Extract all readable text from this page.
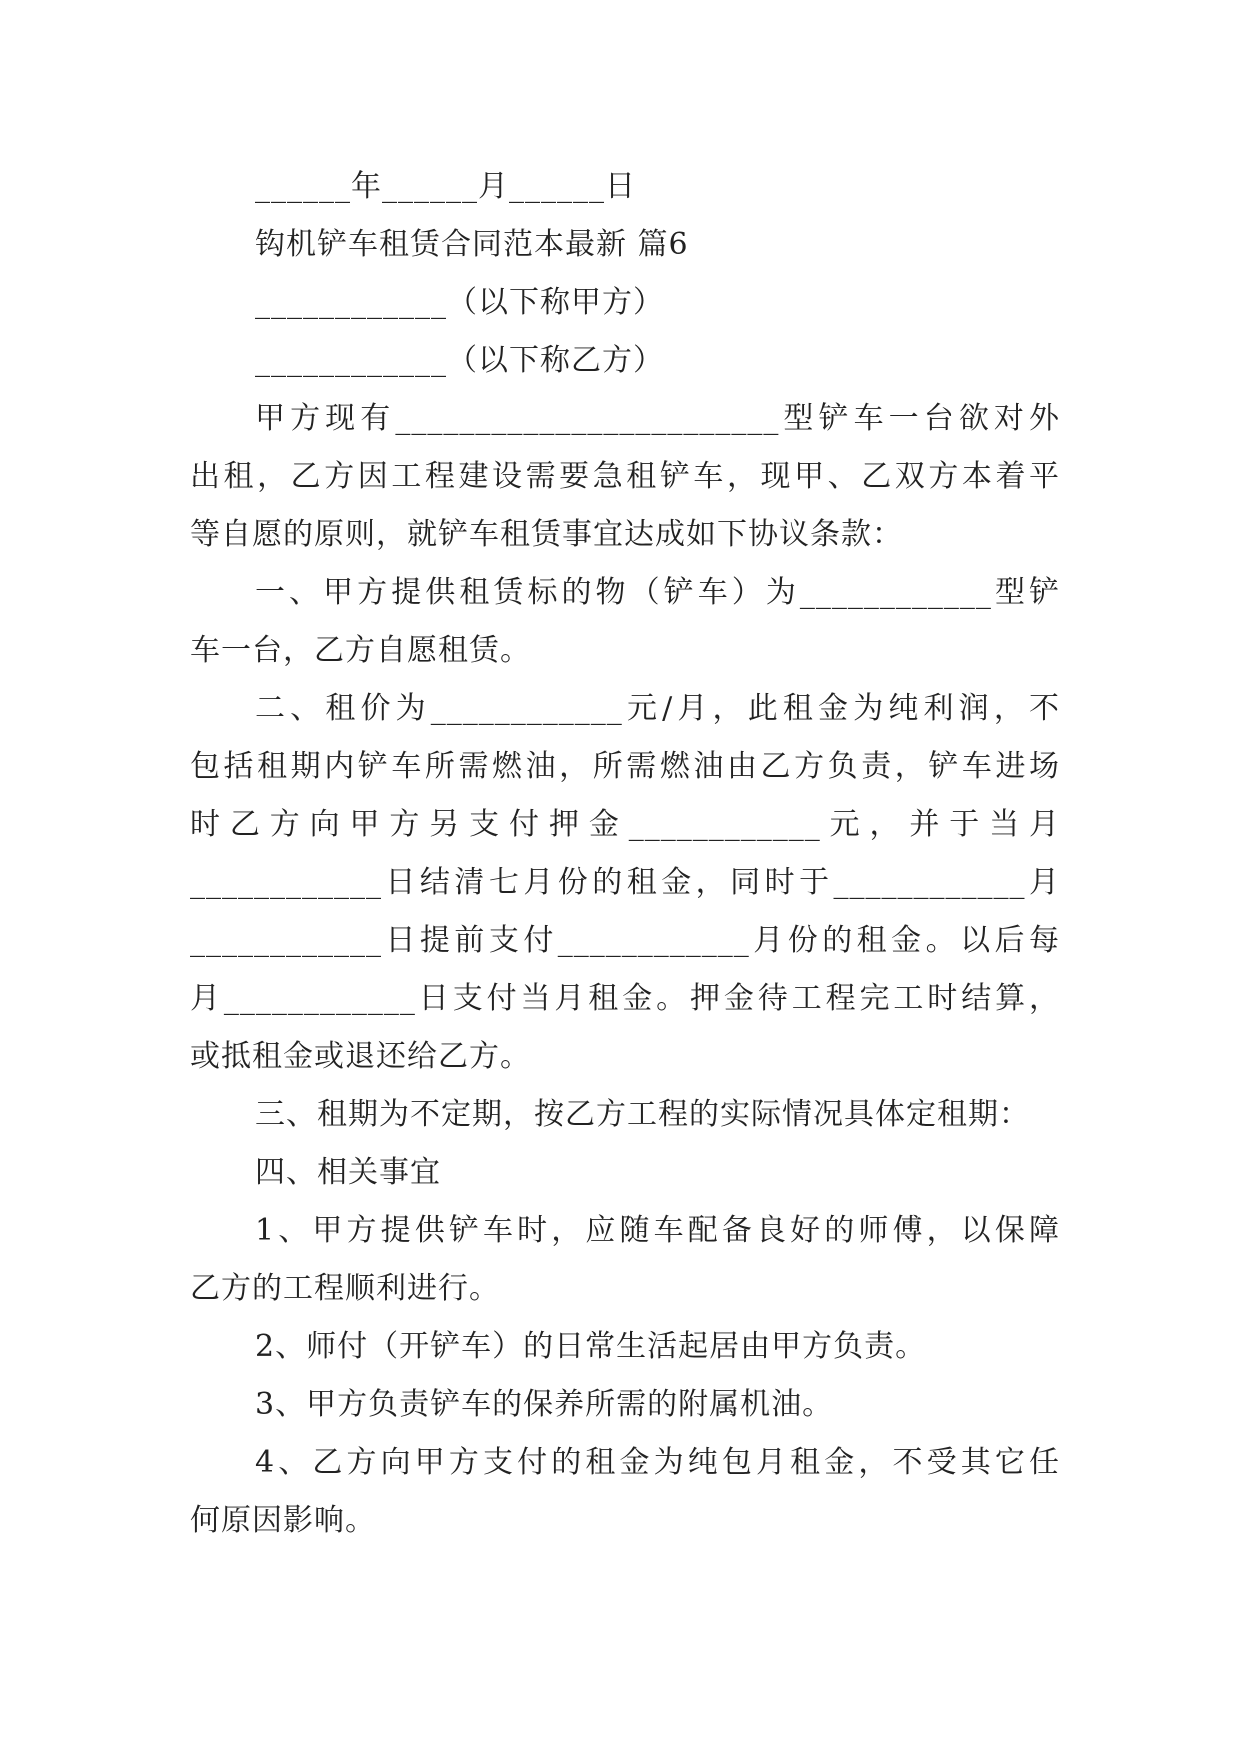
______年______月______日
钩机铲车租赁合同范本最新 篇6
____________（以下称甲方）
____________（以下称乙方）
甲方现有________________________型铲车一台欲对外
出租，乙方因工程建设需要急租铲车，现甲、乙双方本着平
等自愿的原则，就铲车租赁事宜达成如下协议条款：
一、甲方提供租赁标的物（铲车）为____________型铲
车一台，乙方自愿租赁。
二、租价为____________元/月，此租金为纯利润，不
包括租期内铲车所需燃油，所需燃油由乙方负责，铲车进场
时乙方向甲方另支付押金____________元，并于当月
____________日结清七月份的租金，同时于____________月
____________日提前支付____________月份的租金。以后每
月____________日支付当月租金。押金待工程完工时结算，
或抵租金或退还给乙方。
三、租期为不定期，按乙方工程的实际情况具体定租期：
四、相关事宜
1、甲方提供铲车时，应随车配备良好的师傅，以保障
乙方的工程顺利进行。
2、师付（开铲车）的日常生活起居由甲方负责。
3、甲方负责铲车的保养所需的附属机油。
4、乙方向甲方支付的租金为纯包月租金，不受其它任
何原因影响。
